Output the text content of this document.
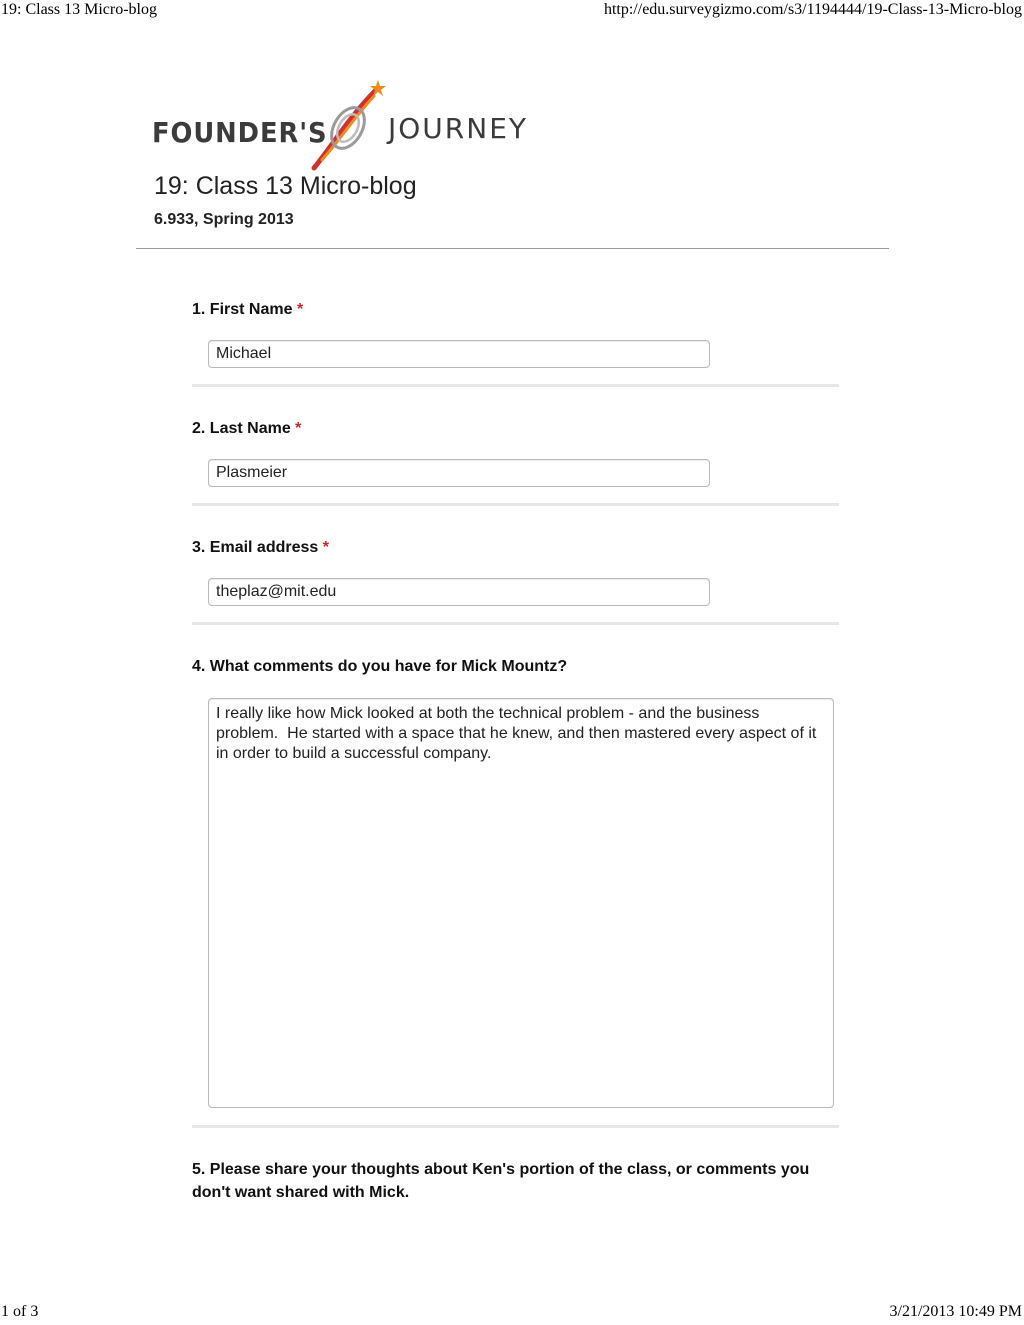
19: Class 13 Micro-blog	http://edu.surveygizmo.com/s3/1194444/19-Class-13-Micro-blog
FOUNDER'S JOURNEY
19: Class 13 Micro-blog
6.933, Spring 2013
1. First Name *
Michael
2. Last Name *
Plasmeier
3. Email address *
theplaz@mit.edu
4. What comments do you have for Mick Mountz?
I really like how Mick looked at both the technical problem - and the business problem.  He started with a space that he knew, and then mastered every aspect of it in order to build a successful company.
5. Please share your thoughts about Ken's portion of the class, or comments you don't want shared with Mick.
1 of 3	3/21/2013 10:49 PM
